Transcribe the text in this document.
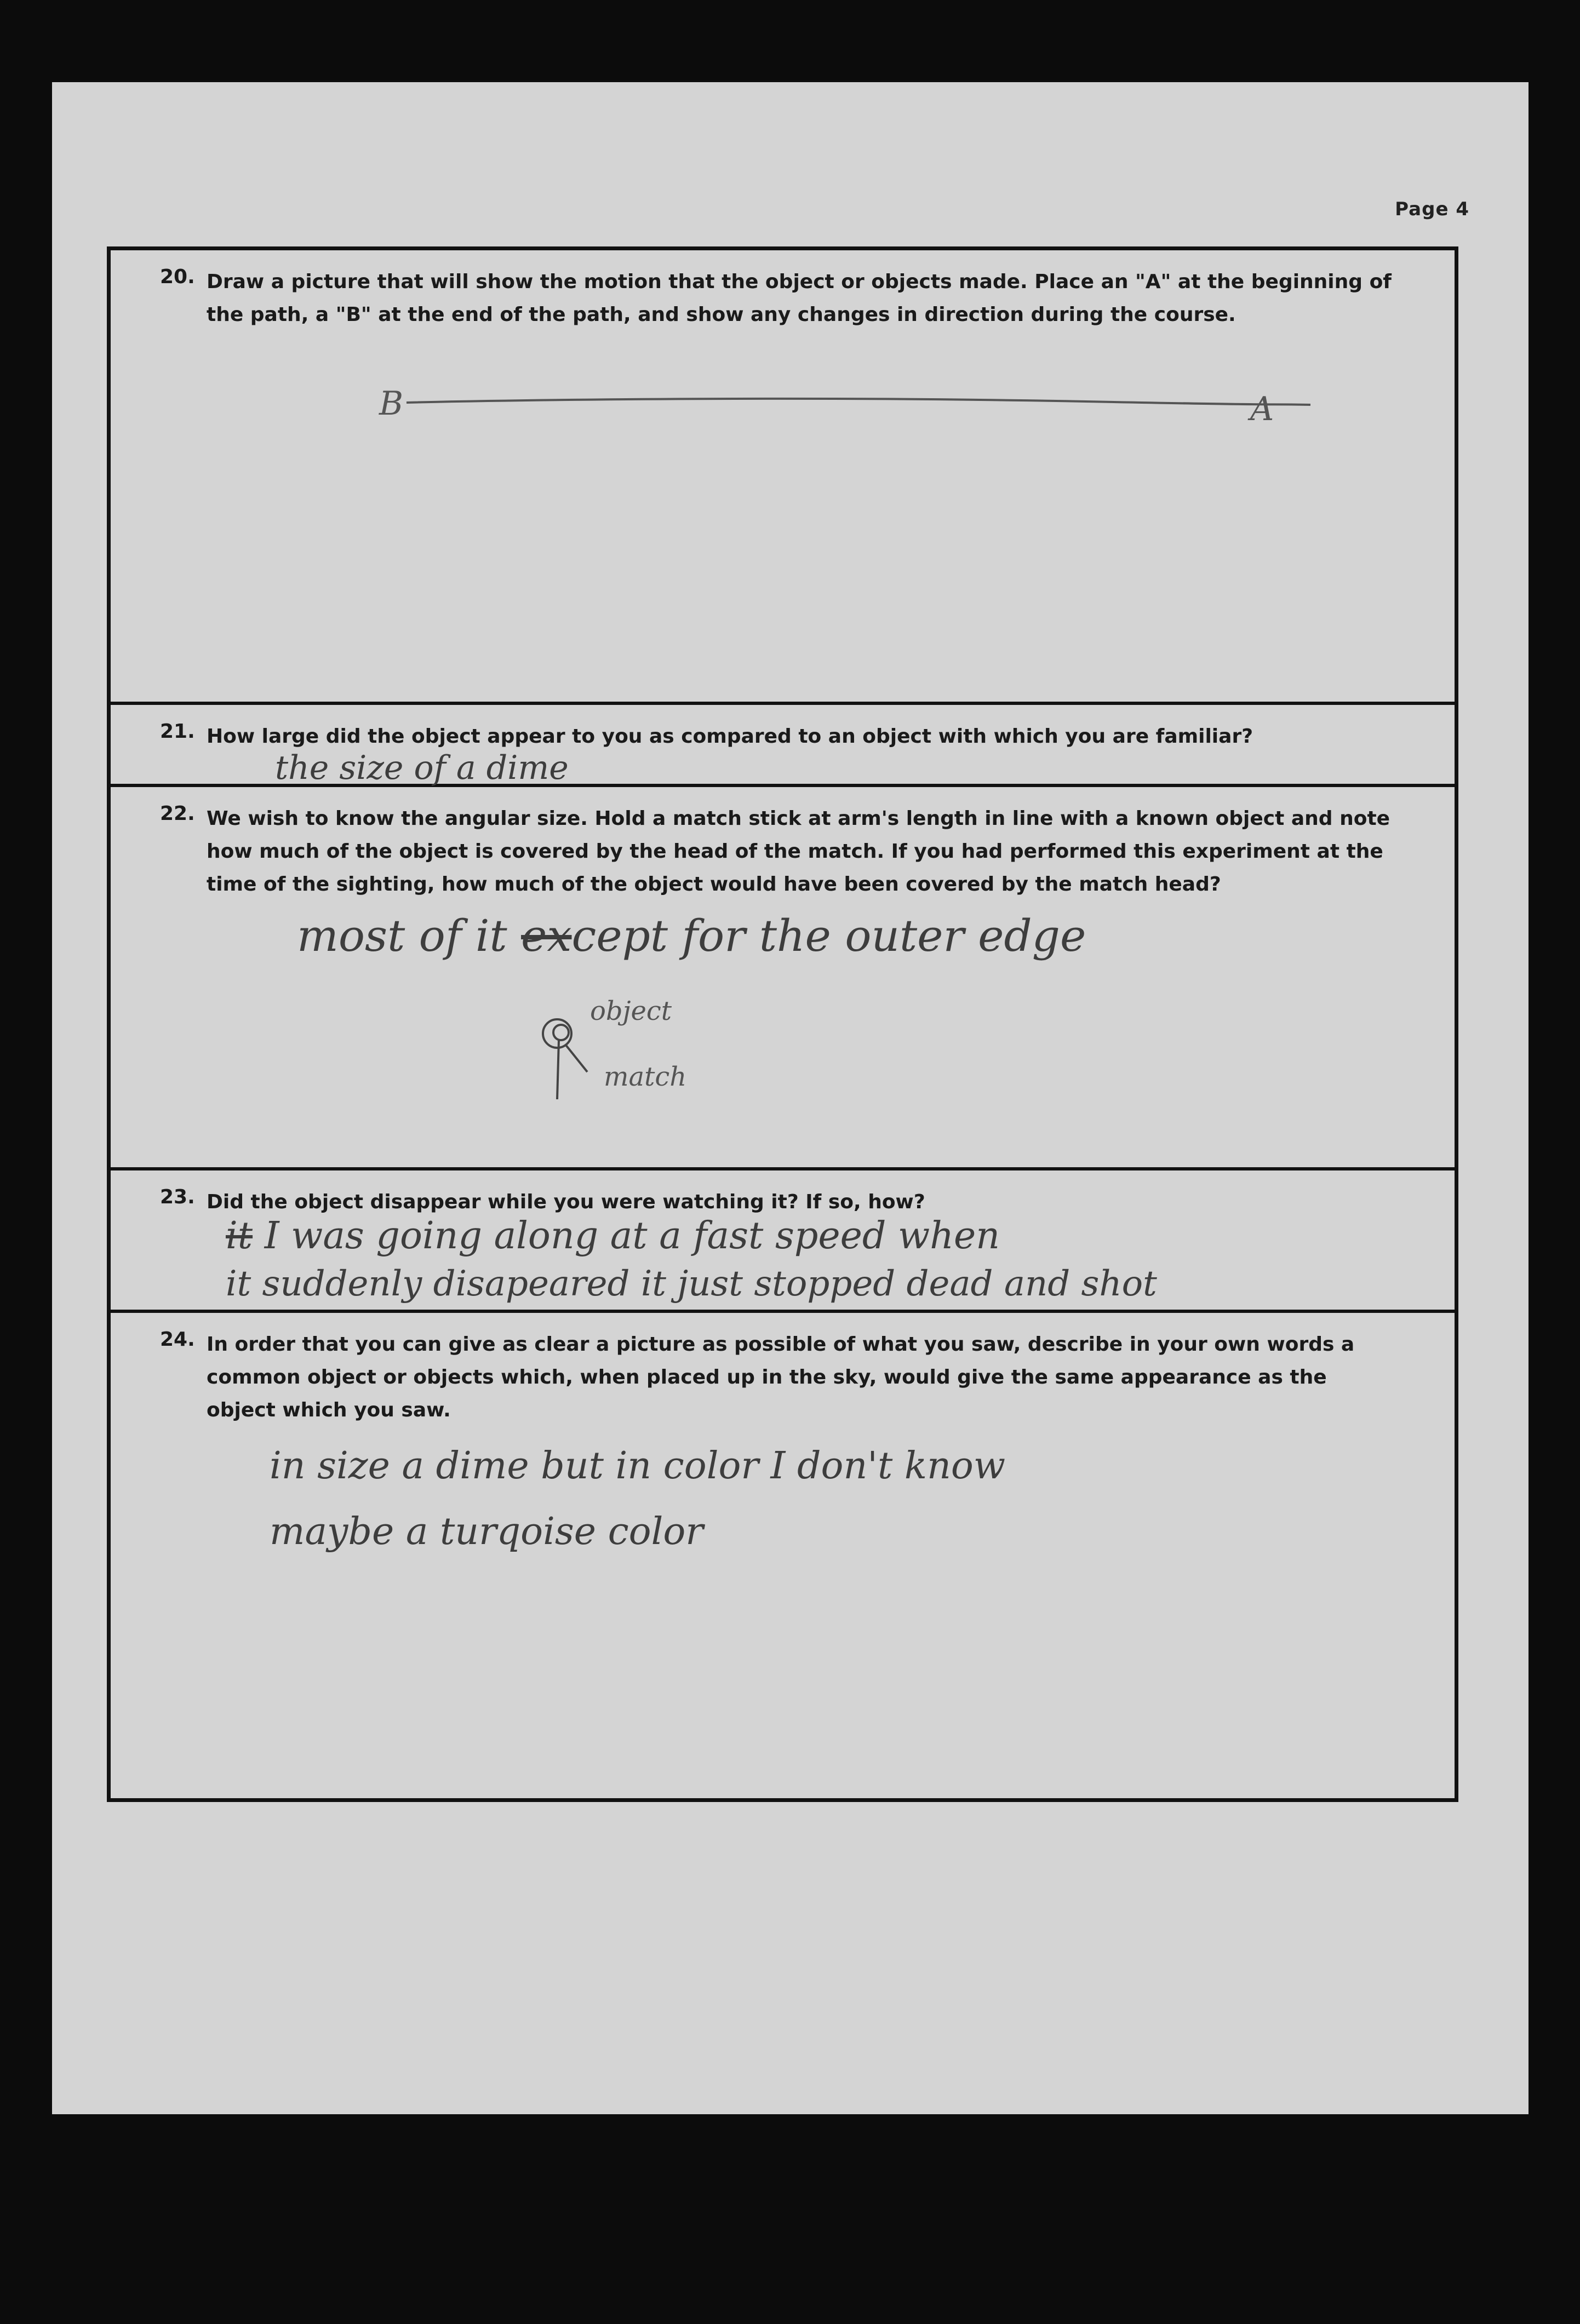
Page 4
20. Draw a picture that will show the motion that the object or objects made. Place an "A" at the beginning of the path, a "B" at the end of the path, and show any changes in direction during the course.
B	A
21. How large did the object appear to you as compared to an object with which you are familiar?
the size of a dime
22. We wish to know the angular size. Hold a match stick at arm's length in line with a known object and note how much of the object is covered by the head of the match. If you had performed this experiment at the time of the sighting, how much of the object would have been covered by the match head?
most of it except for the outer edge
object
match
23. Did the object disappear while you were watching it? If so, how?
it I was going along at a fast speed when
it suddenly disapeared it just stopped dead and shot
24. In order that you can give as clear a picture as possible of what you saw, describe in your own words a common object or objects which, when placed up in the sky, would give the same appearance as the object which you saw.
in size a dime but in color I don't know
maybe a turqoise color
